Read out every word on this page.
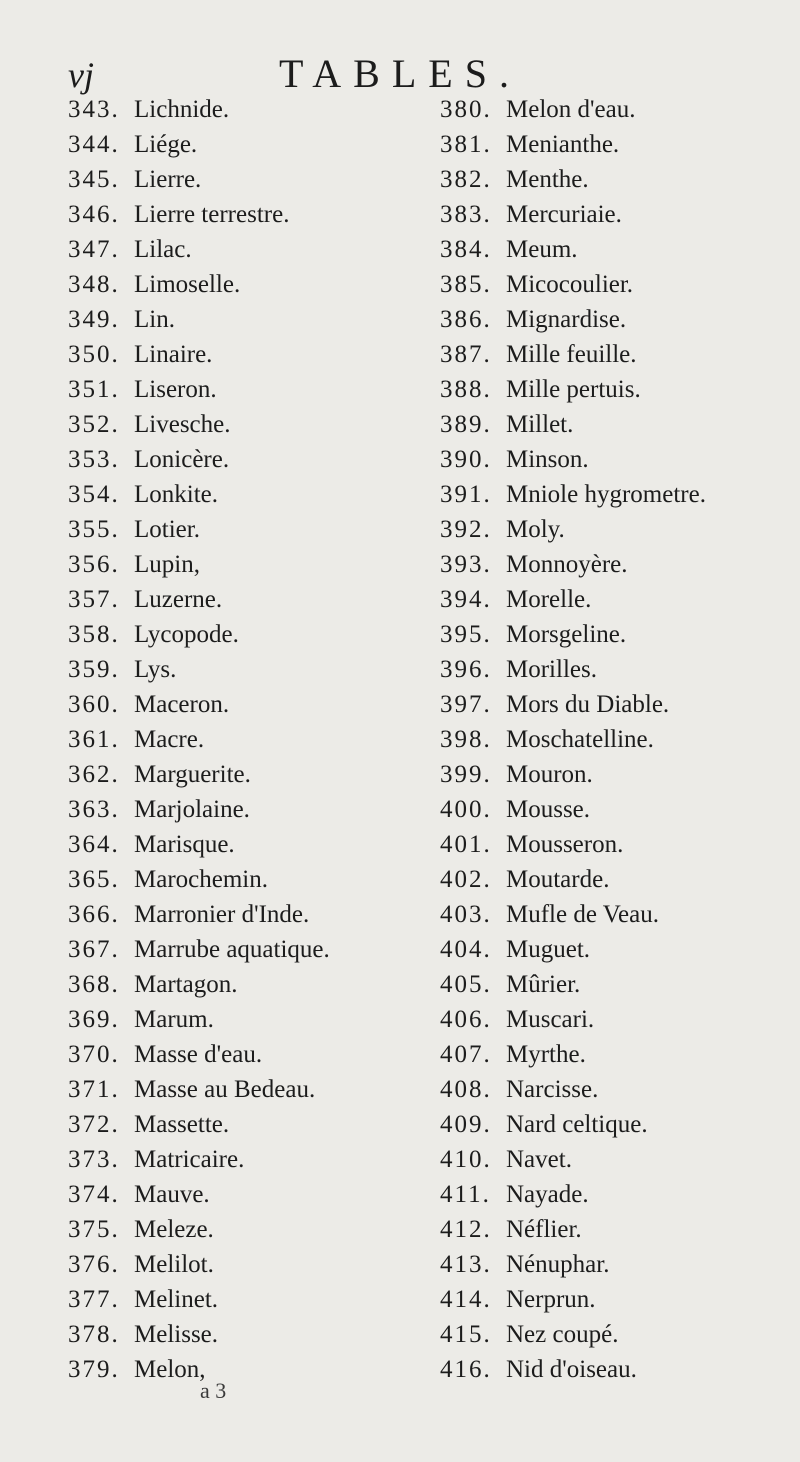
vj	TABLES.
343. Lichnide.
344. Liége.
345. Lierre.
346. Lierre terrestre.
347. Lilac.
348. Limoselle.
349. Lin.
350. Linaire.
351. Liseron.
352. Livesche.
353. Lonicère.
354. Lonkite.
355. Lotier.
356. Lupin,
357. Luzerne.
358. Lycopode.
359. Lys.
360. Maceron.
361. Macre.
362. Marguerite.
363. Marjolaine.
364. Marisque.
365. Marochemin.
366. Marronier d'Inde.
367. Marrube aquatique.
368. Martagon.
369. Marum.
370. Masse d'eau.
371. Masse au Bedeau.
372. Massette.
373. Matricaire.
374. Mauve.
375. Meleze.
376. Melilot.
377. Melinet.
378. Melisse.
379. Melon,
380. Melon d'eau.
381. Menianthe.
382. Menthe.
383. Mercuriaie.
384. Meum.
385. Micocoulier.
386. Mignardise.
387. Mille feuille.
388. Mille pertuis.
389. Millet.
390. Minson.
391. Mniole hygrometre.
392. Moly.
393. Monnoyère.
394. Morelle.
395. Morsgeline.
396. Morilles.
397. Mors du Diable.
398. Moschatelline.
399. Mouron.
400. Mousse.
401. Mousseron.
402. Moutarde.
403. Mufle de Veau.
404. Muguet.
405. Mûrier.
406. Muscari.
407. Myrthe.
408. Narcisse.
409. Nard celtique.
410. Navet.
411. Nayade.
412. Néflier.
413. Nénuphar.
414. Nerprun.
415. Nez coupé.
416. Nid d'oiseau.
a 3
